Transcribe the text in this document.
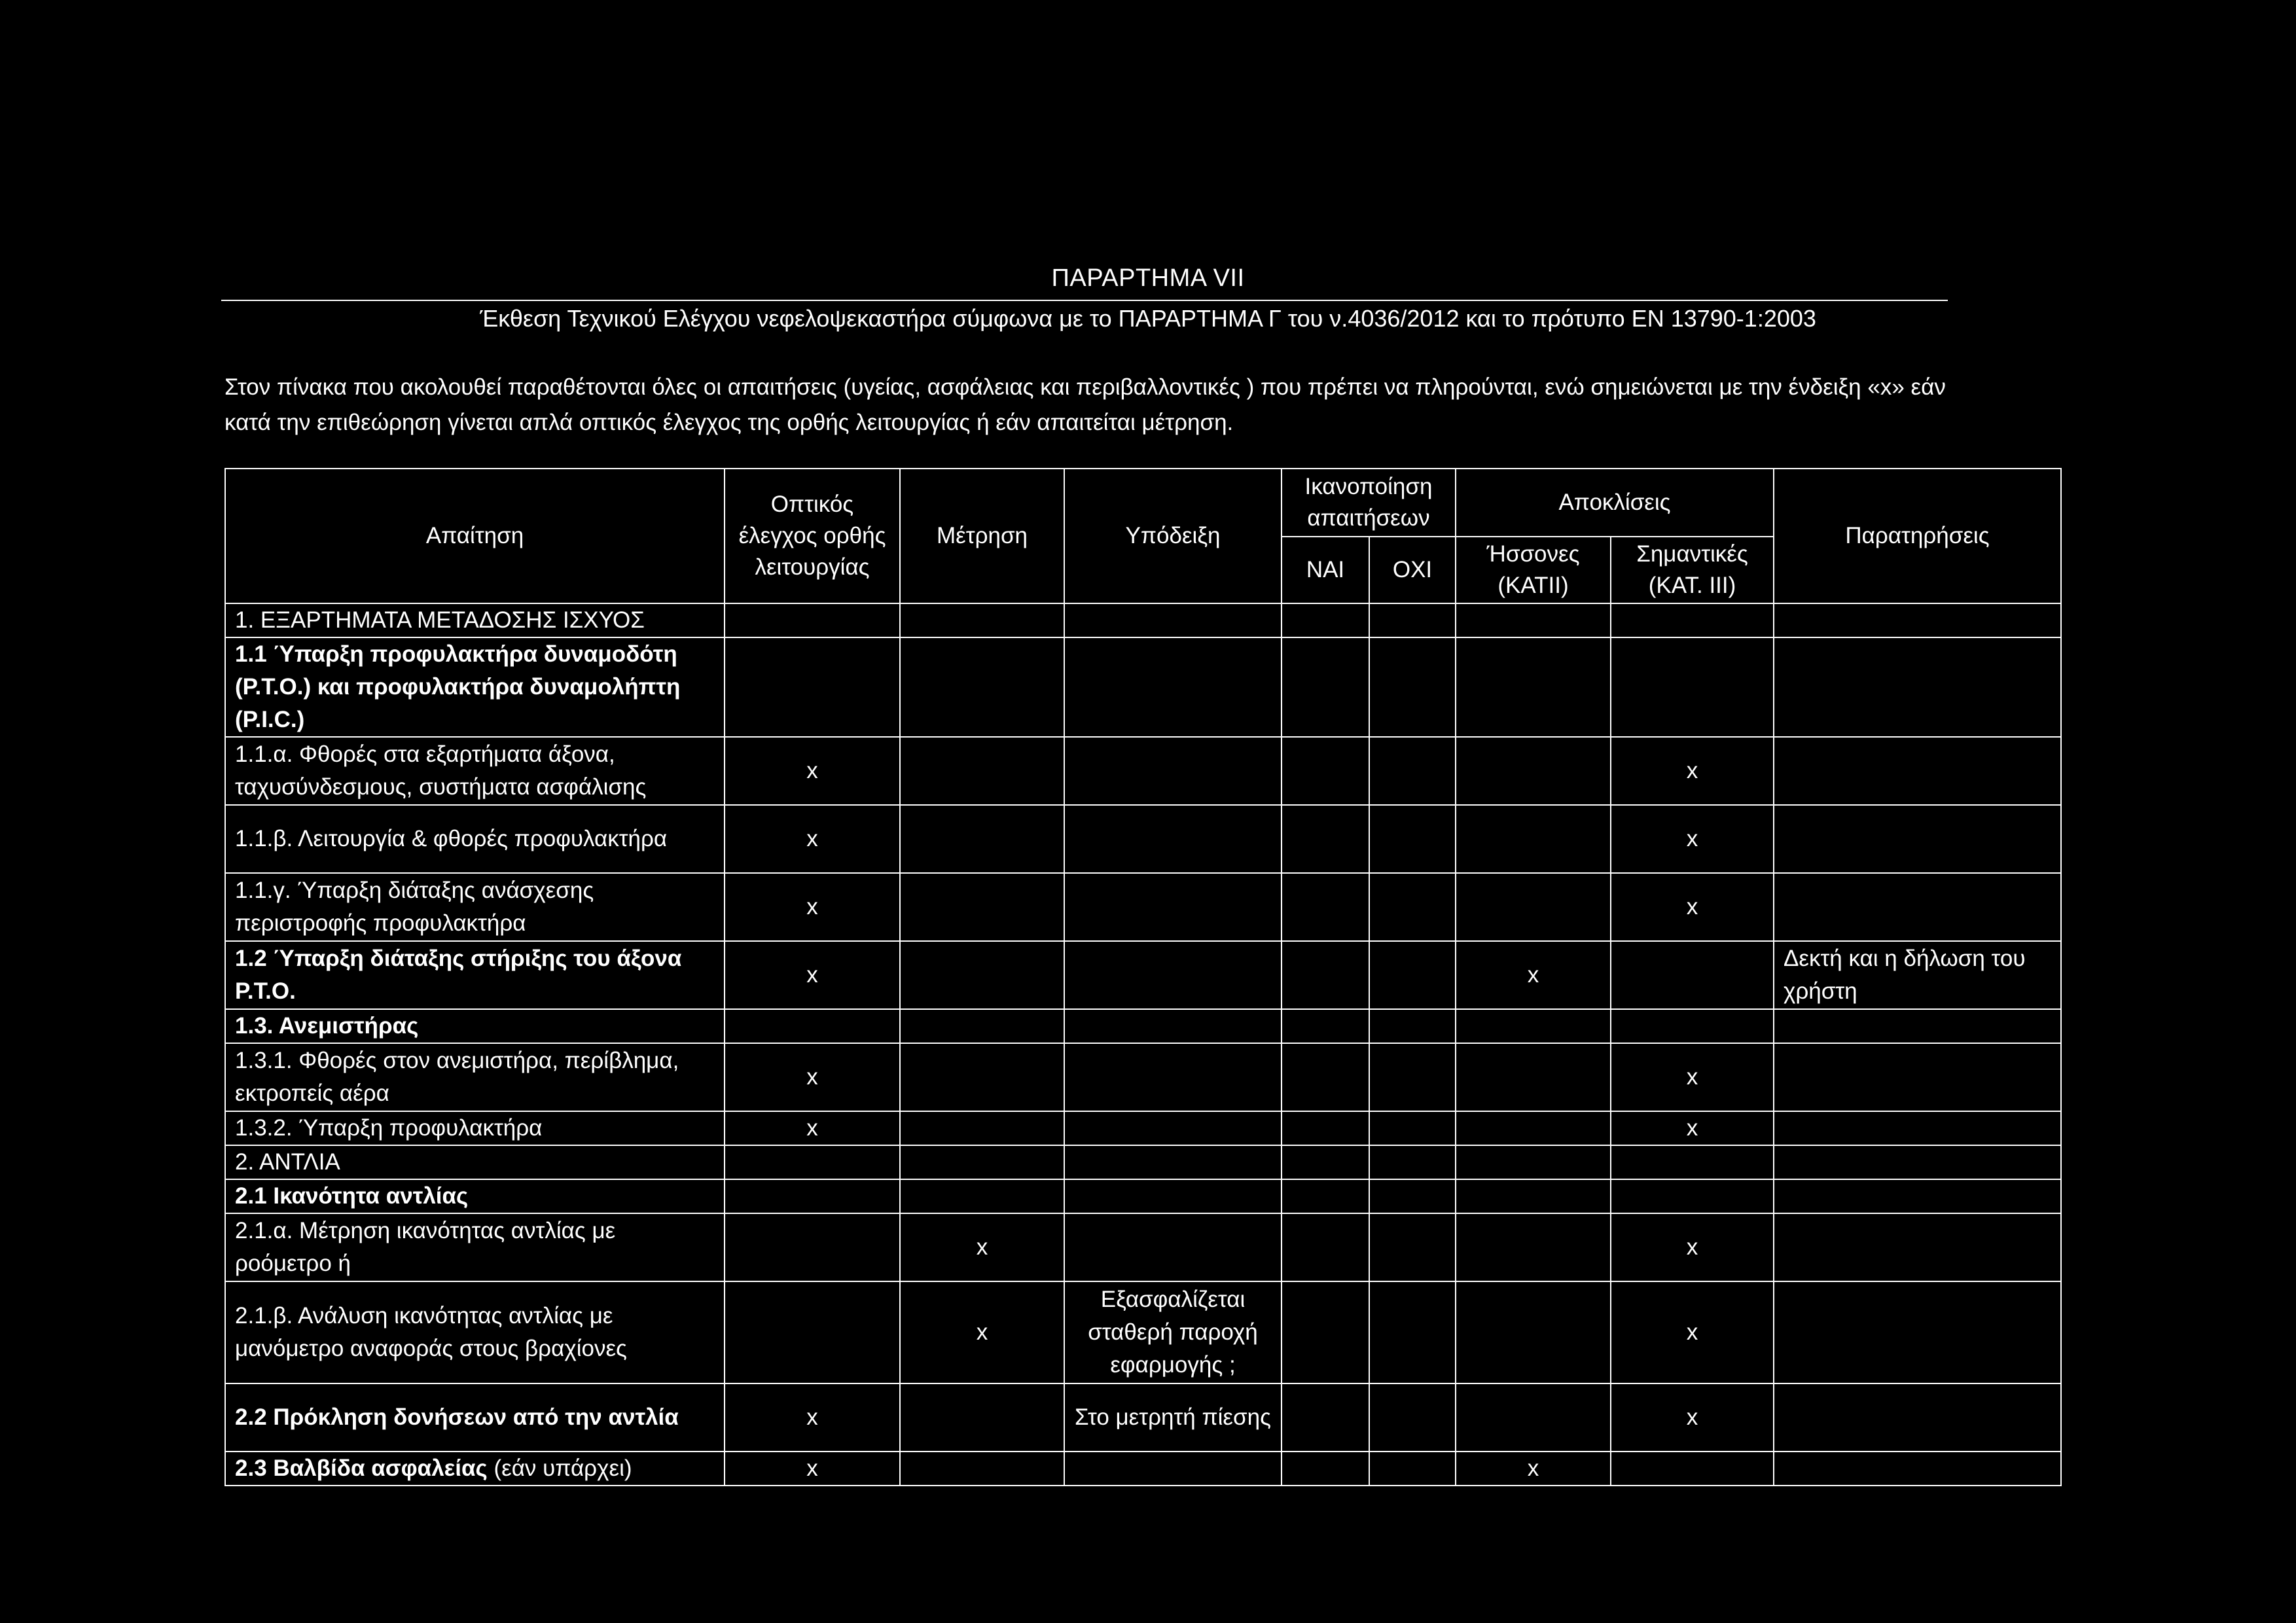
ΠΑΡΑΡΤΗΜΑ VII
Έκθεση Τεχνικού Ελέγχου νεφελοψεκαστήρα σύμφωνα με το ΠΑΡΑΡΤΗΜΑ Γ του ν.4036/2012 και το πρότυπο EN 13790-1:2003
Στον πίνακα που ακολουθεί παραθέτονται όλες οι απαιτήσεις (υγείας, ασφάλειας και περιβαλλοντικές ) που πρέπει να πληρούνται, ενώ σημειώνεται με την ένδειξη «x» εάν κατά την επιθεώρηση γίνεται απλά οπτικός έλεγχος της ορθής λειτουργίας ή εάν απαιτείται μέτρηση.
Απαίτηση	Οπτικός έλεγχος ορθής λειτουργίας	Μέτρηση	Υπόδειξη	Ικανοποίηση απαιτήσεων		Αποκλίσεις		Παρατηρήσεις
				ΝΑΙ	ΟΧΙ	Ήσσονες (ΚΑΤΙΙ)	Σημαντικές (ΚΑΤ. ΙΙΙ)	
1. ΕΞΑΡΤΗΜΑΤΑ ΜΕΤΑΔΟΣΗΣ ΙΣΧΥΟΣ								
1.1 Ύπαρξη προφυλακτήρα δυναμοδότη (Ρ.Τ.Ο.) και προφυλακτήρα δυναμολήπτη (P.I.C.)								
1.1.α. Φθορές στα εξαρτήματα άξονα, ταχυσύνδεσμους, συστήματα ασφάλισης	x						x	
1.1.β. Λειτουργία & φθορές προφυλακτήρα	x						x	
1.1.γ. Ύπαρξη διάταξης ανάσχεσης περιστροφής προφυλακτήρα	x						x	
1.2 Ύπαρξη διάταξης στήριξης του άξονα Ρ.Τ.Ο.	x					x		Δεκτή και η δήλωση του χρήστη
1.3. Ανεμιστήρας								
1.3.1. Φθορές στον ανεμιστήρα, περίβλημα, εκτροπείς αέρα	x						x	
1.3.2. Ύπαρξη προφυλακτήρα	x						x	
2. ΑΝΤΛΙΑ								
2.1 Ικανότητα αντλίας								
2.1.α. Μέτρηση ικανότητας αντλίας με ροόμετρο ή		x					x	
2.1.β. Ανάλυση ικανότητας αντλίας με μανόμετρο αναφοράς στους βραχίονες		x	Εξασφαλίζεται σταθερή παροχή εφαρμογής ;				x	
2.2 Πρόκληση δονήσεων από την αντλία	x		Στο μετρητή πίεσης				x	
2.3 Βαλβίδα ασφαλείας (εάν υπάρχει)	x					x		
